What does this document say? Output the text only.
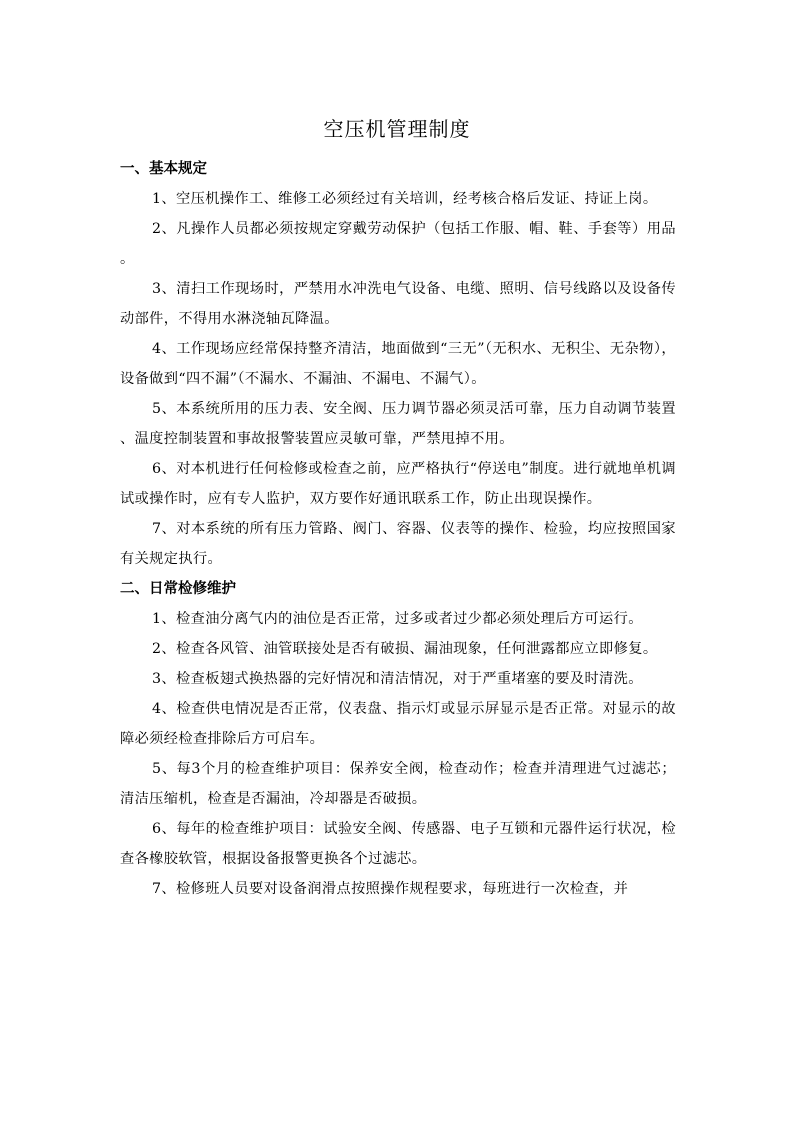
空压机管理制度
一、基本规定
1、空压机操作工、维修工必须经过有关培训，经考核合格后发证、持证上岗。
2、凡操作人员都必须按规定穿戴劳动保护（包括工作服、帽、鞋、手套等）用品。
3、清扫工作现场时，严禁用水冲洗电气设备、电缆、照明、信号线路以及设备传动部件，不得用水淋浇轴瓦降温。
4、工作现场应经常保持整齐清洁，地面做到“三无”（无积水、无积尘、无杂物），设备做到“四不漏”（不漏水、不漏油、不漏电、不漏气）。
5、本系统所用的压力表、安全阀、压力调节器必须灵活可靠，压力自动调节装置、温度控制装置和事故报警装置应灵敏可靠，严禁甩掉不用。
6、对本机进行任何检修或检查之前，应严格执行“停送电”制度。进行就地单机调试或操作时，应有专人监护，双方要作好通讯联系工作，防止出现误操作。
7、对本系统的所有压力管路、阀门、容器、仪表等的操作、检验，均应按照国家有关规定执行。
二、日常检修维护
1、检查油分离气内的油位是否正常，过多或者过少都必须处理后方可运行。
2、检查各风管、油管联接处是否有破损、漏油现象，任何泄露都应立即修复。
3、检查板翅式换热器的完好情况和清洁情况，对于严重堵塞的要及时清洗。
4、检查供电情况是否正常，仪表盘、指示灯或显示屏显示是否正常。对显示的故障必须经检查排除后方可启车。
5、每3个月的检查维护项目：保养安全阀，检查动作；检查并清理进气过滤芯；清洁压缩机，检查是否漏油，冷却器是否破损。
6、每年的检查维护项目：试验安全阀、传感器、电子互锁和元器件运行状况，检查各橡胶软管，根据设备报警更换各个过滤芯。
7、检修班人员要对设备润滑点按照操作规程要求，每班进行一次检查，并
